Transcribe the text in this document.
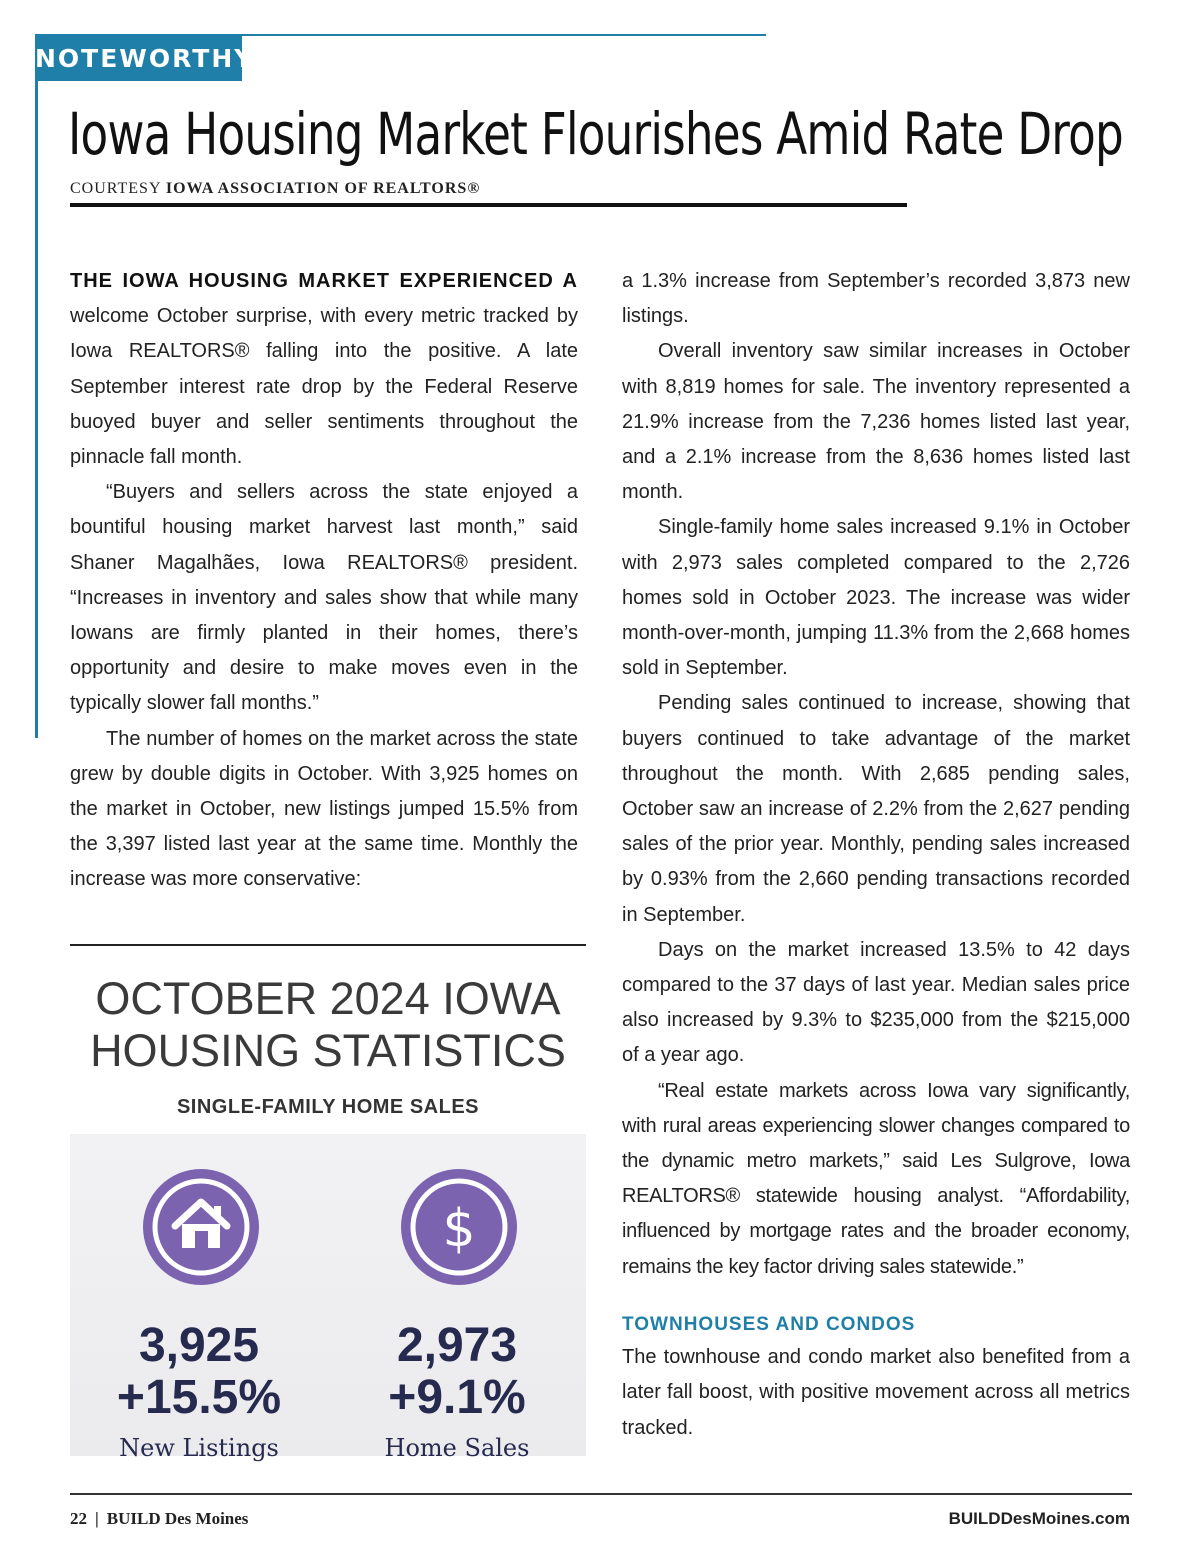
NOTEWORTHY
Iowa Housing Market Flourishes Amid Rate Drop
COURTESY IOWA ASSOCIATION OF REALTORS®

THE IOWA HOUSING MARKET EXPERIENCED A welcome October surprise, with every metric tracked by Iowa REALTORS® falling into the positive. A late September interest rate drop by the Federal Reserve buoyed buyer and seller sentiments throughout the pinnacle fall month.

“Buyers and sellers across the state enjoyed a bountiful housing market harvest last month,” said Shaner Magalhães, Iowa REALTORS® president. “Increases in inventory and sales show that while many Iowans are firmly planted in their homes, there’s opportunity and desire to make moves even in the typically slower fall months.”

The number of homes on the market across the state grew by double digits in October. With 3,925 homes on the market in October, new listings jumped 15.5% from the 3,397 listed last year at the same time. Monthly the increase was more conservative:

a 1.3% increase from September’s recorded 3,873 new listings.

Overall inventory saw similar increases in October with 8,819 homes for sale. The inventory represented a 21.9% increase from the 7,236 homes listed last year, and a 2.1% increase from the 8,636 homes listed last month.

Single-family home sales increased 9.1% in October with 2,973 sales completed compared to the 2,726 homes sold in October 2023. The increase was wider month-over-month, jumping 11.3% from the 2,668 homes sold in September.

Pending sales continued to increase, showing that buyers continued to take advantage of the market throughout the month. With 2,685 pending sales, October saw an increase of 2.2% from the 2,627 pending sales of the prior year. Monthly, pending sales increased by 0.93% from the 2,660 pending transactions recorded in September.

Days on the market increased 13.5% to 42 days compared to the 37 days of last year. Median sales price also increased by 9.3% to $235,000 from the $215,000 of a year ago.

“Real estate markets across Iowa vary significantly, with rural areas experiencing slower changes compared to the dynamic metro markets,” said Les Sulgrove, Iowa REALTORS® statewide housing analyst. “Affordability, influenced by mortgage rates and the broader economy, remains the key factor driving sales statewide.”

TOWNHOUSES AND CONDOS

The townhouse and condo market also benefited from a later fall boost, with positive movement across all metrics tracked.

OCTOBER 2024 IOWA
HOUSING STATISTICS
SINGLE-FAMILY HOME SALES
3,925
+15.5%
New Listings
$
2,973
+9.1%
Home Sales
22 | BUILD Des Moines	BUILDDesMoines.com
